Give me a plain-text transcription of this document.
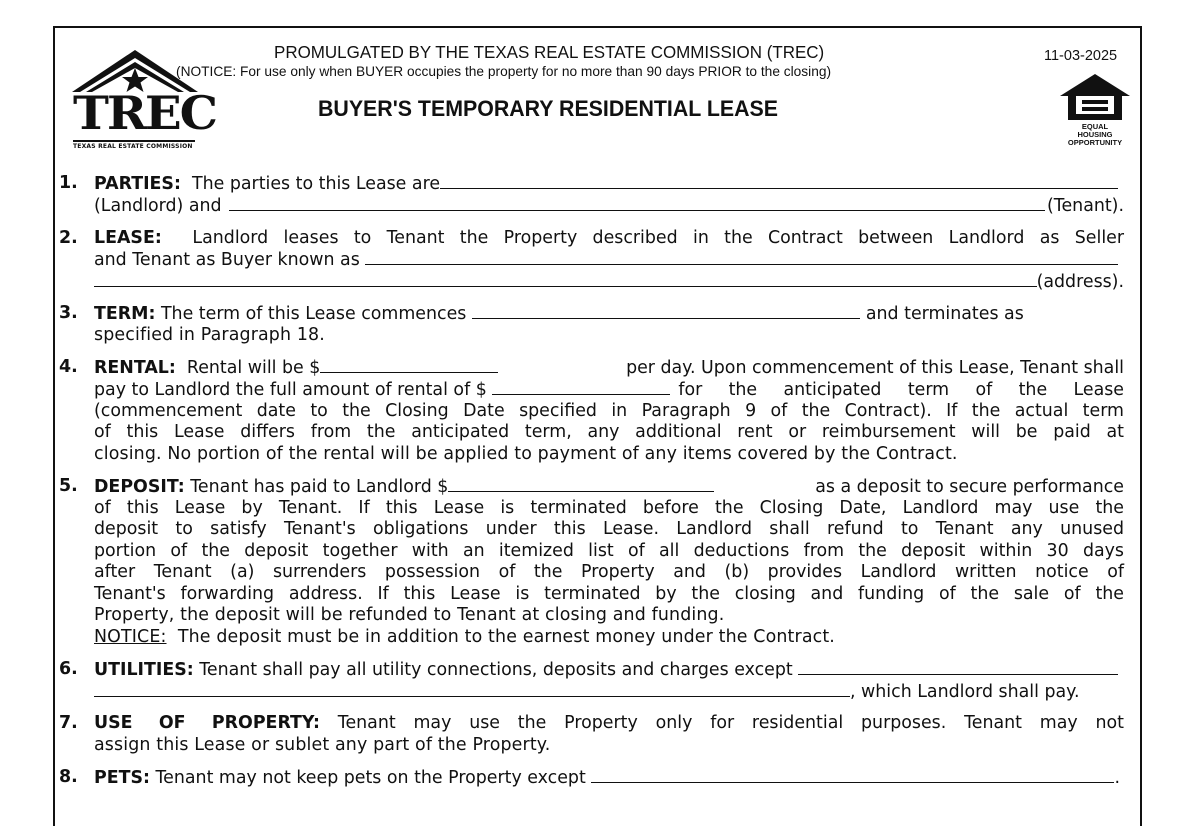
TREC
TEXAS REAL ESTATE COMMISSION
PROMULGATED BY THE TEXAS REAL ESTATE COMMISSION (TREC)
(NOTICE: For use only when BUYER occupies the property for no more than 90 days PRIOR to the closing)
BUYER'S TEMPORARY RESIDENTIAL LEASE
11-03-2025
EQUAL
HOUSING
OPPORTUNITY
1. PARTIES:
The parties to this Lease are
(Landlord) and
	(Tenant).
2. LEASE: Landlord leases to Tenant the Property described in the Contract between Landlord as Seller
and Tenant as Buyer known as

(address).
3. TERM:
The term of this Lease commences
	and terminates as
specified in Paragraph 18.
4. RENTAL:
Rental will be $	per day. Upon commencement of this Lease, Tenant shall
pay to Landlord the full amount of rental of $
	for the anticipated term of the Lease
(commencement date to the Closing Date specified in Paragraph 9 of the Contract). If the actual term
of this Lease differs from the anticipated term, any additional rent or reimbursement will be paid at
closing. No portion of the rental will be applied to payment of any items covered by the Contract.
5. DEPOSIT:
Tenant has paid to Landlord $	as a deposit to secure performance
of this Lease by Tenant. If this Lease is terminated before the Closing Date, Landlord may use the
deposit to satisfy Tenant's obligations under this Lease. Landlord shall refund to Tenant any unused
portion of the deposit together with an itemized list of all deductions from the deposit within 30 days
after Tenant (a) surrenders possession of the Property and (b) provides Landlord written notice of
Tenant's forwarding address. If this Lease is terminated by the closing and funding of the sale of the
Property, the deposit will be refunded to Tenant at closing and funding.
NOTICE: The deposit must be in addition to the earnest money under the Contract.
6. UTILITIES:
Tenant shall pay all utility connections, deposits and charges except

, which Landlord shall pay.
7. USE OF PROPERTY: Tenant may use the Property only for residential purposes. Tenant may not
assign this Lease or sublet any part of the Property.
8. PETS:
Tenant may not keep pets on the Property except
	.
